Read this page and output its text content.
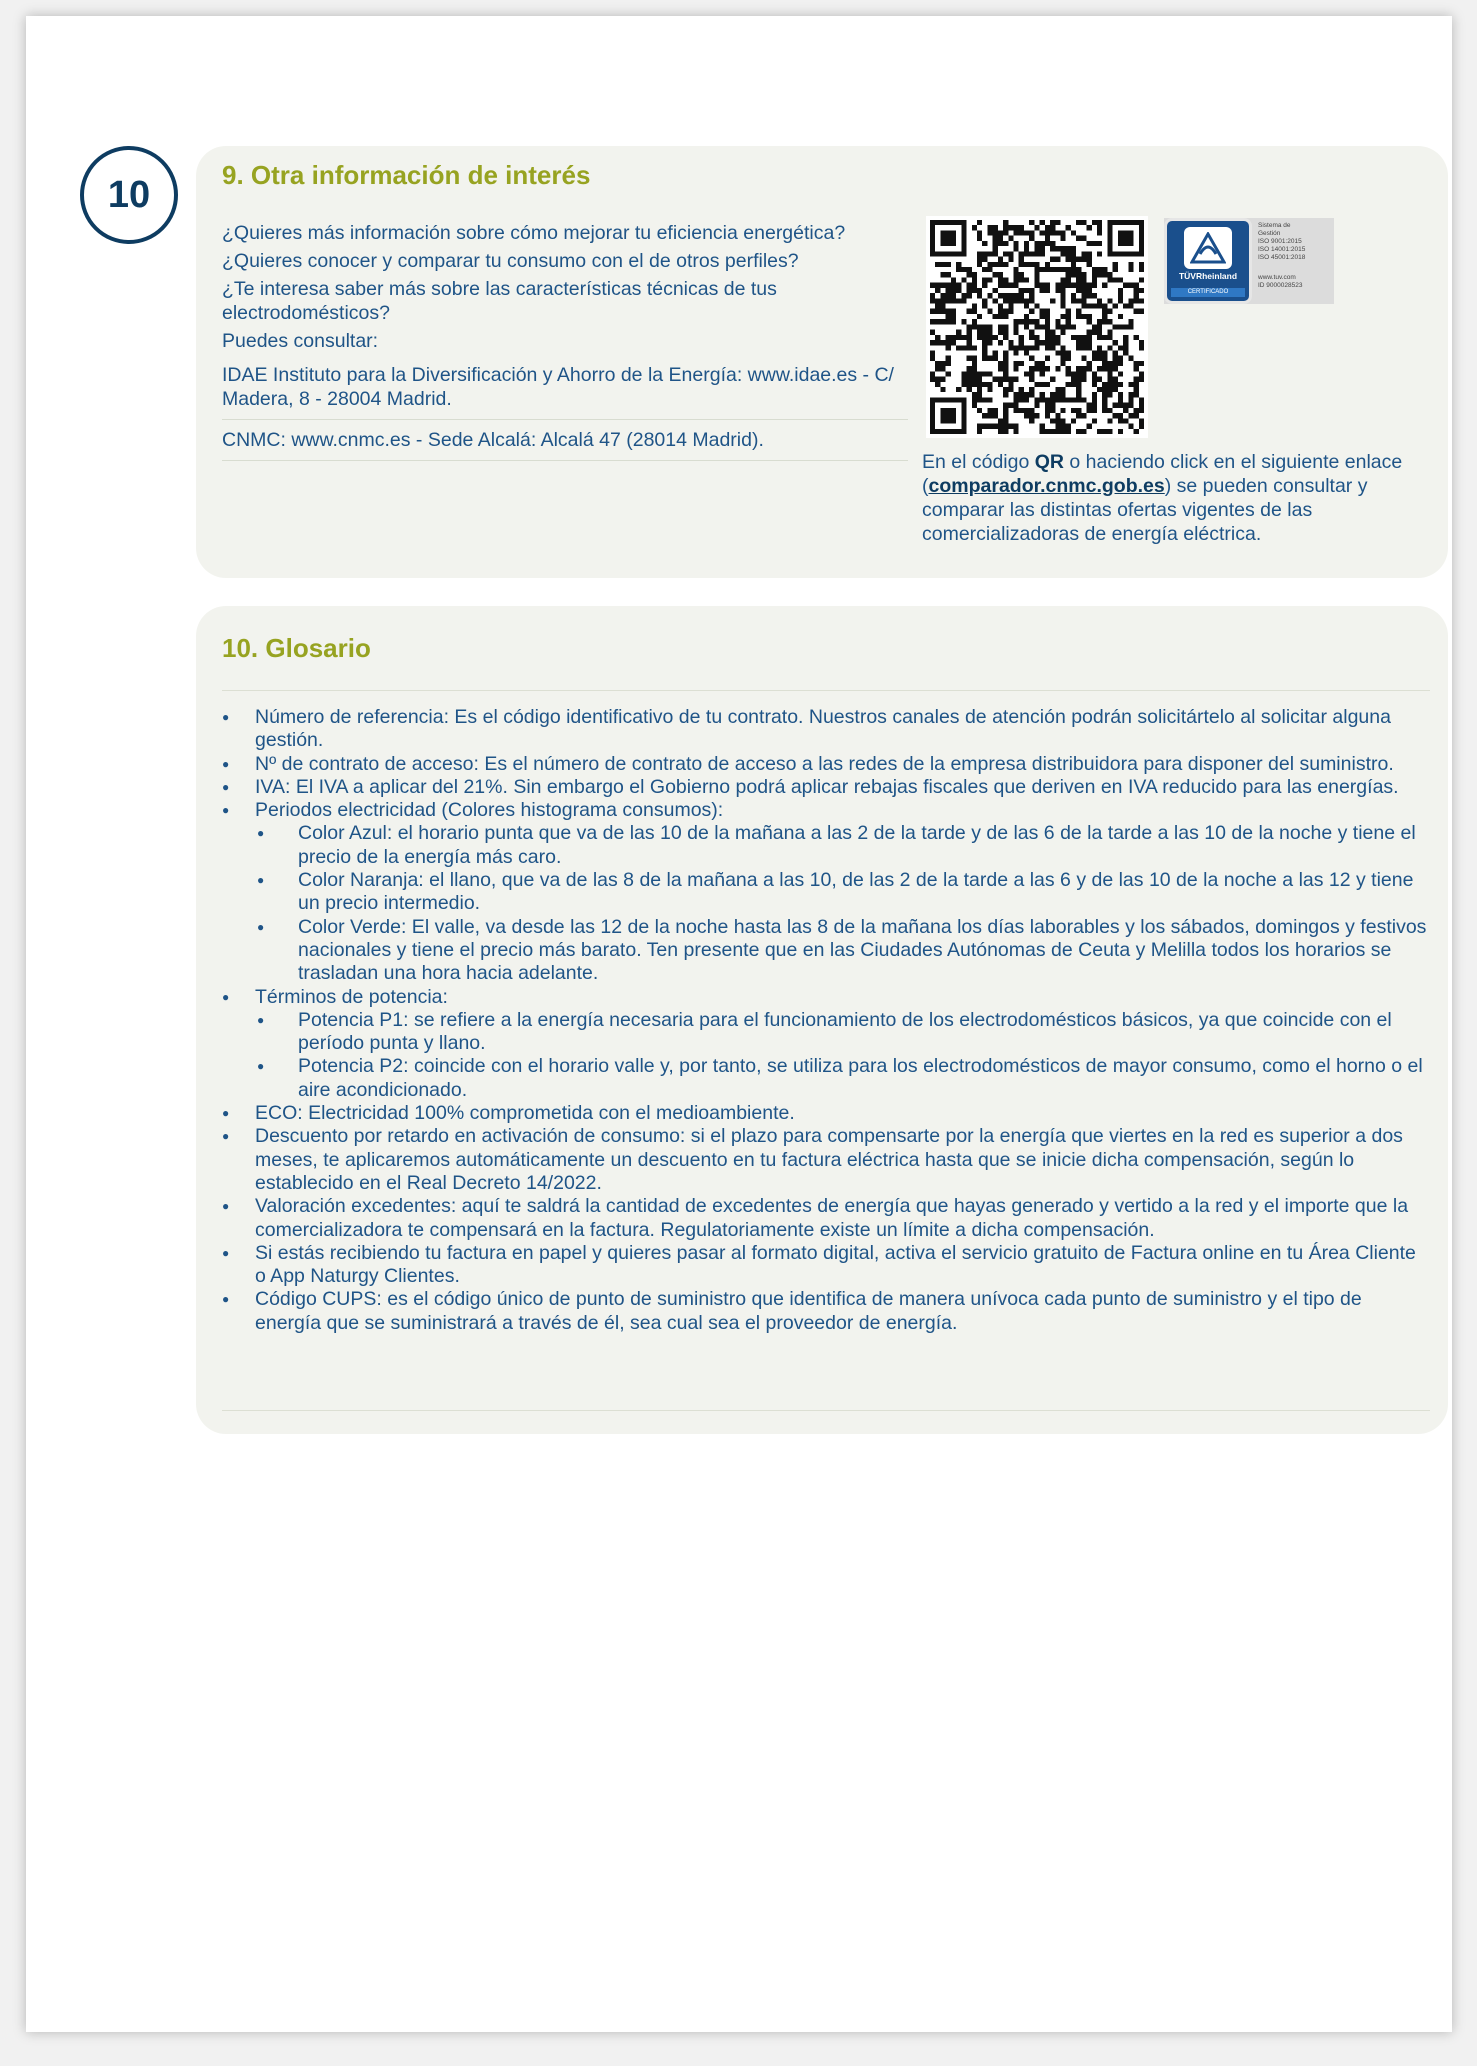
10	9. Otra información de interés

¿Quieres más información sobre cómo mejorar tu eficiencia energética?

¿Quieres conocer y comparar tu consumo con el de otros perfiles?

¿Te interesa saber más sobre las características técnicas de tus electrodomésticos?

Puedes consultar:

IDAE Instituto para la Diversificación y Ahorro de la Energía: www.idae.es - C/ Madera, 8 - 28004 Madrid.

CNMC: www.cnmc.es - Sede Alcalá: Alcalá 47 (28014 Madrid).

TÜVRheinland
CERTIFICADO
Sistema de
Gestión
ISO 9001:2015
ISO 14001:2015
ISO 45001:2018
www.tuv.com
ID 9000028523
En el código QR o haciendo click en el siguiente enlace (comparador.cnmc.gob.es) se pueden consultar y comparar las distintas ofertas vigentes de las comercializadoras de energía eléctrica.
10. Glosario
● Número de referencia: Es el código identificativo de tu contrato. Nuestros canales de atención podrán solicitártelo al solicitar alguna gestión.
● Nº de contrato de acceso: Es el número de contrato de acceso a las redes de la empresa distribuidora para disponer del suministro.
● IVA: El IVA a aplicar del 21%. Sin embargo el Gobierno podrá aplicar rebajas fiscales que deriven en IVA reducido para las energías.
● Periodos electricidad (Colores histograma consumos):
● Color Azul: el horario punta que va de las 10 de la mañana a las 2 de la tarde y de las 6 de la tarde a las 10 de la noche y tiene el precio de la energía más caro.
● Color Naranja: el llano, que va de las 8 de la mañana a las 10, de las 2 de la tarde a las 6 y de las 10 de la noche a las 12 y tiene un precio intermedio.
● Color Verde: El valle, va desde las 12 de la noche hasta las 8 de la mañana los días laborables y los sábados, domingos y festivos nacionales y tiene el precio más barato. Ten presente que en las Ciudades Autónomas de Ceuta y Melilla todos los horarios se trasladan una hora hacia adelante.
● Términos de potencia:
● Potencia P1: se refiere a la energía necesaria para el funcionamiento de los electrodomésticos básicos, ya que coincide con el período punta y llano.
● Potencia P2: coincide con el horario valle y, por tanto, se utiliza para los electrodomésticos de mayor consumo, como el horno o el aire acondicionado.
● ECO: Electricidad 100% comprometida con el medioambiente.
● Descuento por retardo en activación de consumo: si el plazo para compensarte por la energía que viertes en la red es superior a dos meses, te aplicaremos automáticamente un descuento en tu factura eléctrica hasta que se inicie dicha compensación, según lo establecido en el Real Decreto 14/2022.
● Valoración excedentes: aquí te saldrá la cantidad de excedentes de energía que hayas generado y vertido a la red y el importe que la comercializadora te compensará en la factura. Regulatoriamente existe un límite a dicha compensación.
● Si estás recibiendo tu factura en papel y quieres pasar al formato digital, activa el servicio gratuito de Factura online en tu Área Cliente o App Naturgy Clientes.
● Código CUPS: es el código único de punto de suministro que identifica de manera unívoca cada punto de suministro y el tipo de energía que se suministrará a través de él, sea cual sea el proveedor de energía.
